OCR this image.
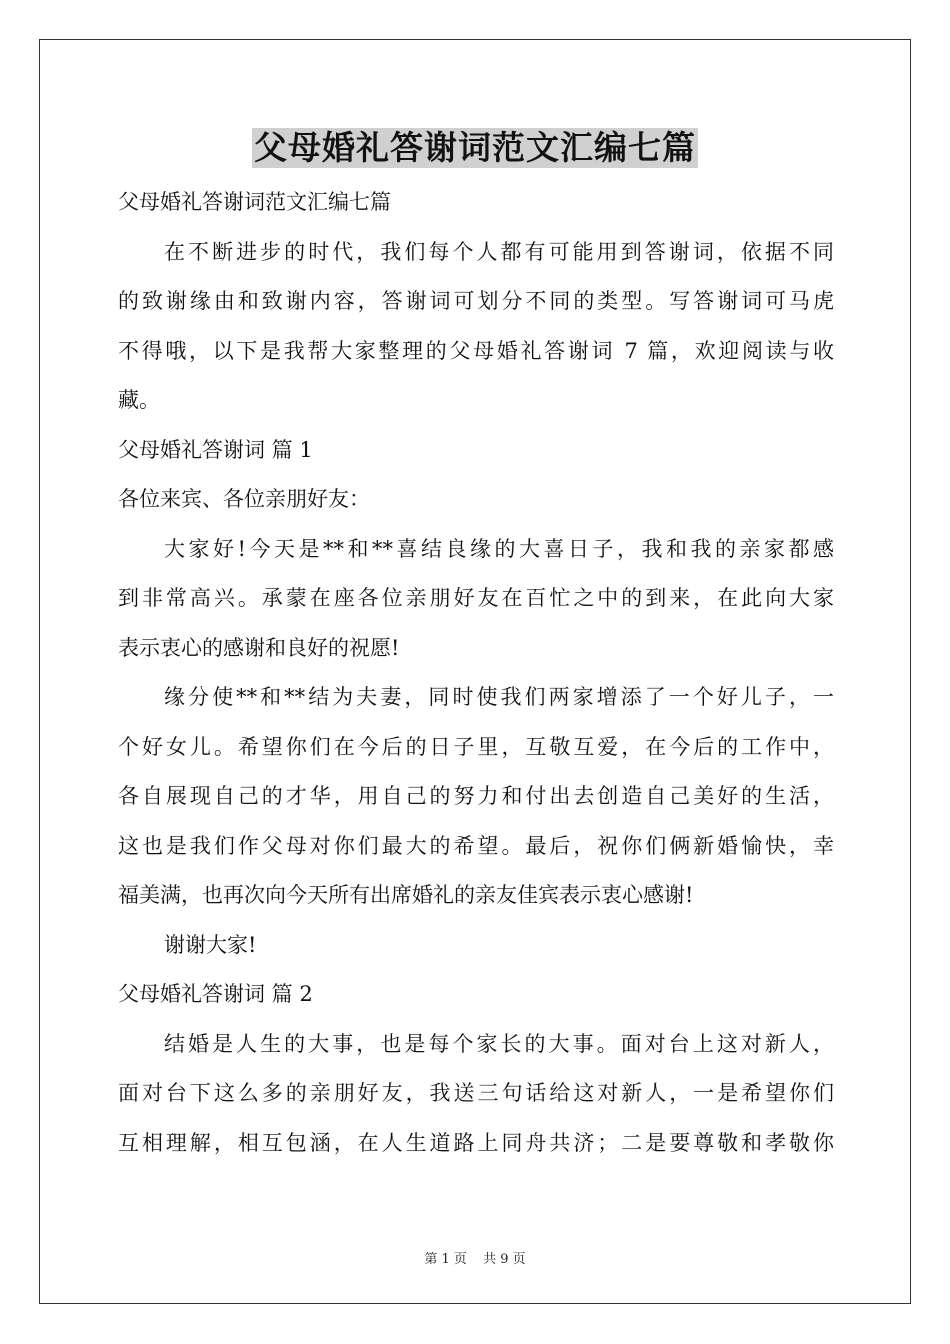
父母婚礼答谢词范文汇编七篇
父母婚礼答谢词范文汇编七篇
在不断进步的时代，我们每个人都有可能用到答谢词，依据不同
的致谢缘由和致谢内容，答谢词可划分不同的类型。写答谢词可马虎
不得哦，以下是我帮大家整理的父母婚礼答谢词 7 篇，欢迎阅读与收
藏。
父母婚礼答谢词 篇 1
各位来宾、各位亲朋好友：
大家好!今天是**和**喜结良缘的大喜日子，我和我的亲家都感
到非常高兴。承蒙在座各位亲朋好友在百忙之中的到来，在此向大家
表示衷心的感谢和良好的祝愿!
缘分使**和**结为夫妻，同时使我们两家增添了一个好儿子，一
个好女儿。希望你们在今后的日子里，互敬互爱，在今后的工作中，
各自展现自己的才华，用自己的努力和付出去创造自己美好的生活，
这也是我们作父母对你们最大的希望。最后，祝你们俩新婚愉快，幸
福美满，也再次向今天所有出席婚礼的亲友佳宾表示衷心感谢!
谢谢大家!
父母婚礼答谢词 篇 2
结婚是人生的大事，也是每个家长的大事。面对台上这对新人，
面对台下这么多的亲朋好友，我送三句话给这对新人，一是希望你们
互相理解，相互包涵，在人生道路上同舟共济；二是要尊敬和孝敬你
第 1 页 共 9 页
